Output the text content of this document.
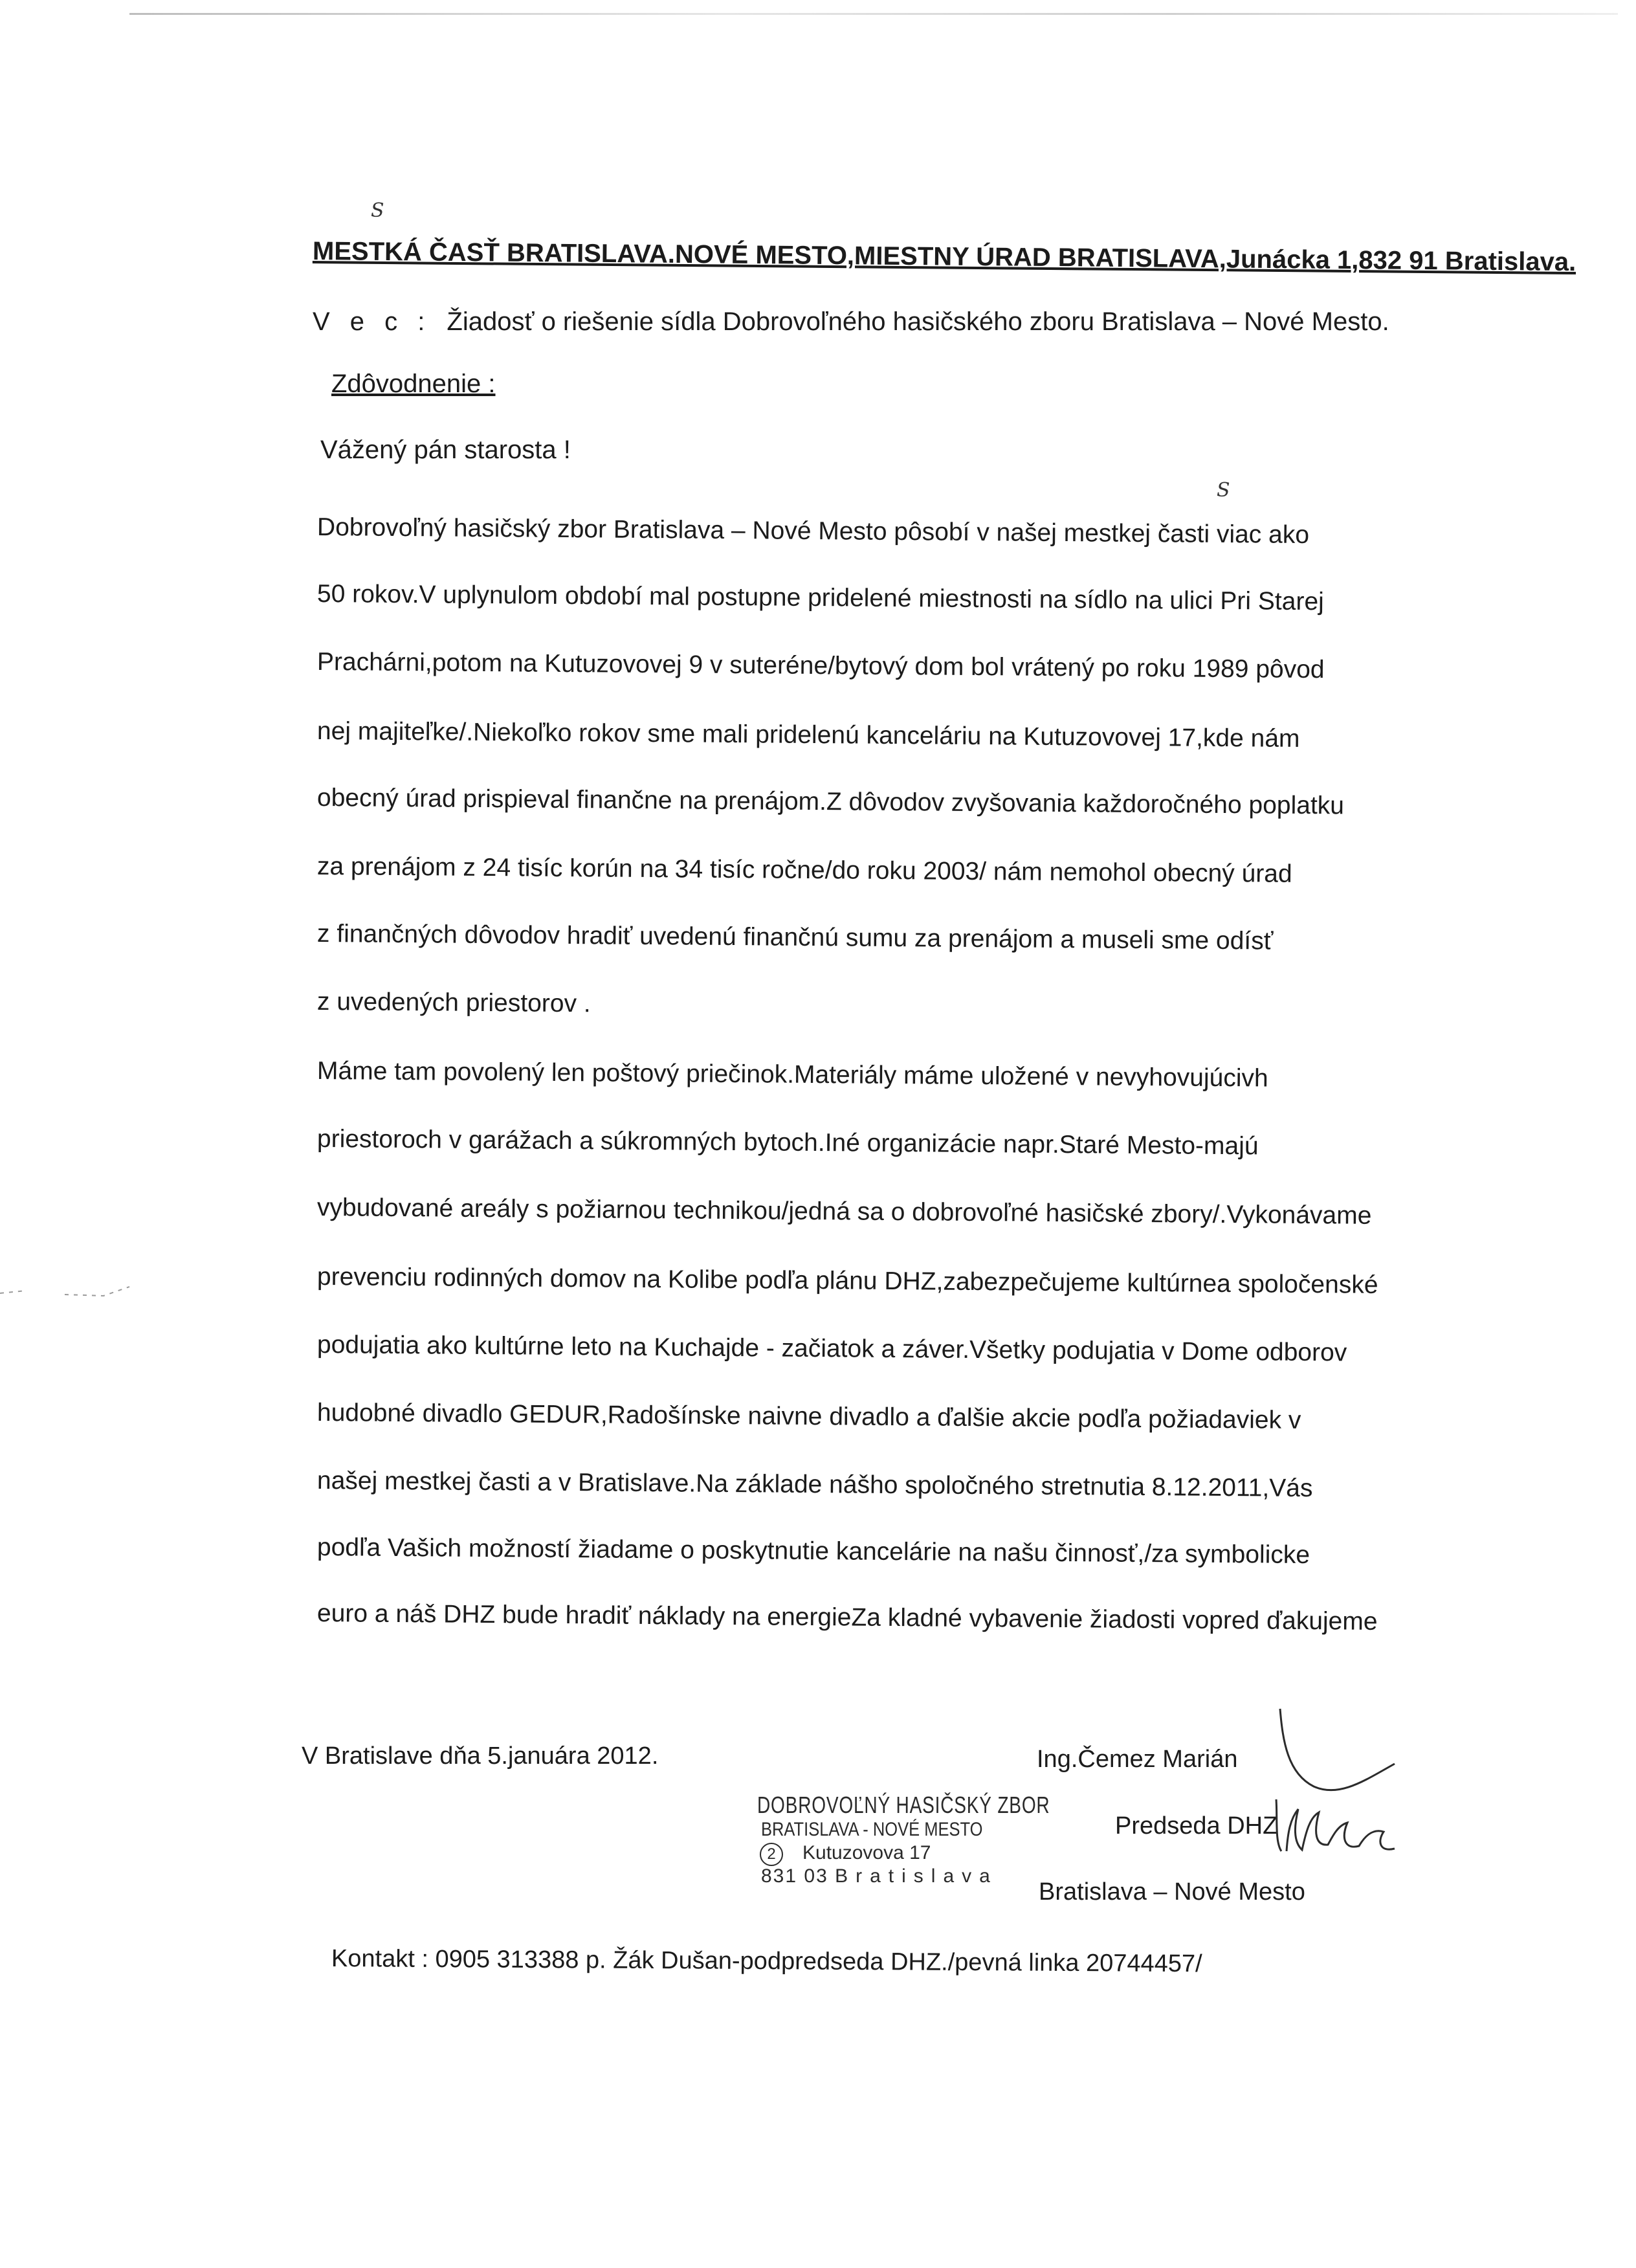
MESTKÁ ČASŤ BRATISLAVA.NOVÉ MESTO,MIESTNY ÚRAD BRATISLAVA,Junácka 1,832 91 Bratislava.
V e c : Žiadosť o riešenie sídla Dobrovoľného hasičského zboru Bratislava – Nové Mesto.
Zdôvodnenie :
Vážený pán starosta !
Dobrovoľný hasičský zbor Bratislava – Nové Mesto pôsobí v našej mestkej časti viac ako
50 rokov.V uplynulom období mal postupne pridelené miestnosti na sídlo na ulici Pri Starej
Prachárni,potom na Kutuzovovej 9 v suteréne/bytový dom bol vrátený po roku 1989 pôvod
nej majiteľke/.Niekoľko rokov sme mali pridelenú kanceláriu na Kutuzovovej 17,kde nám
obecný úrad prispieval finančne na prenájom.Z dôvodov zvyšovania každoročného poplatku
za prenájom z 24 tisíc korún na 34 tisíc ročne/do roku 2003/ nám nemohol obecný úrad
z finančných dôvodov hradiť uvedenú finančnú sumu za prenájom a museli sme odísť
z uvedených priestorov .
Máme tam povolený len poštový priečinok.Materiály máme uložené v nevyhovujúcivh
priestoroch v garážach a súkromných bytoch.Iné organizácie napr.Staré Mesto-majú
vybudované areály s požiarnou technikou/jedná sa o dobrovoľné hasičské zbory/.Vykonávame
prevenciu rodinných domov na Kolibe podľa plánu DHZ,zabezpečujeme kultúrnea spoločenské
podujatia ako kultúrne leto na Kuchajde - začiatok a záver.Všetky podujatia v Dome odborov
hudobné divadlo GEDUR,Radošínske naivne divadlo a ďalšie akcie podľa požiadaviek v
našej mestkej časti a v Bratislave.Na základe nášho spoločného stretnutia 8.12.2011,Vás
podľa Vašich možností žiadame o poskytnutie kancelárie na našu činnosť,/za symbolicke
euro a náš DHZ bude hradiť náklady na energieZa kladné vybavenie žiadosti vopred ďakujeme
V Bratislave dňa 5.januára 2012.	Ing.Čemez Marián
Predseda DHZ
Bratislava – Nové Mesto
DOBROVOĽNÝ HASIČSKÝ ZBOR
BRATISLAVA - NOVÉ MESTO
2 Kutuzovova 17
831 03 Bratislava
Kontakt : 0905 313388 p. Žák Dušan-podpredseda DHZ./pevná linka 20744457/
S
S
